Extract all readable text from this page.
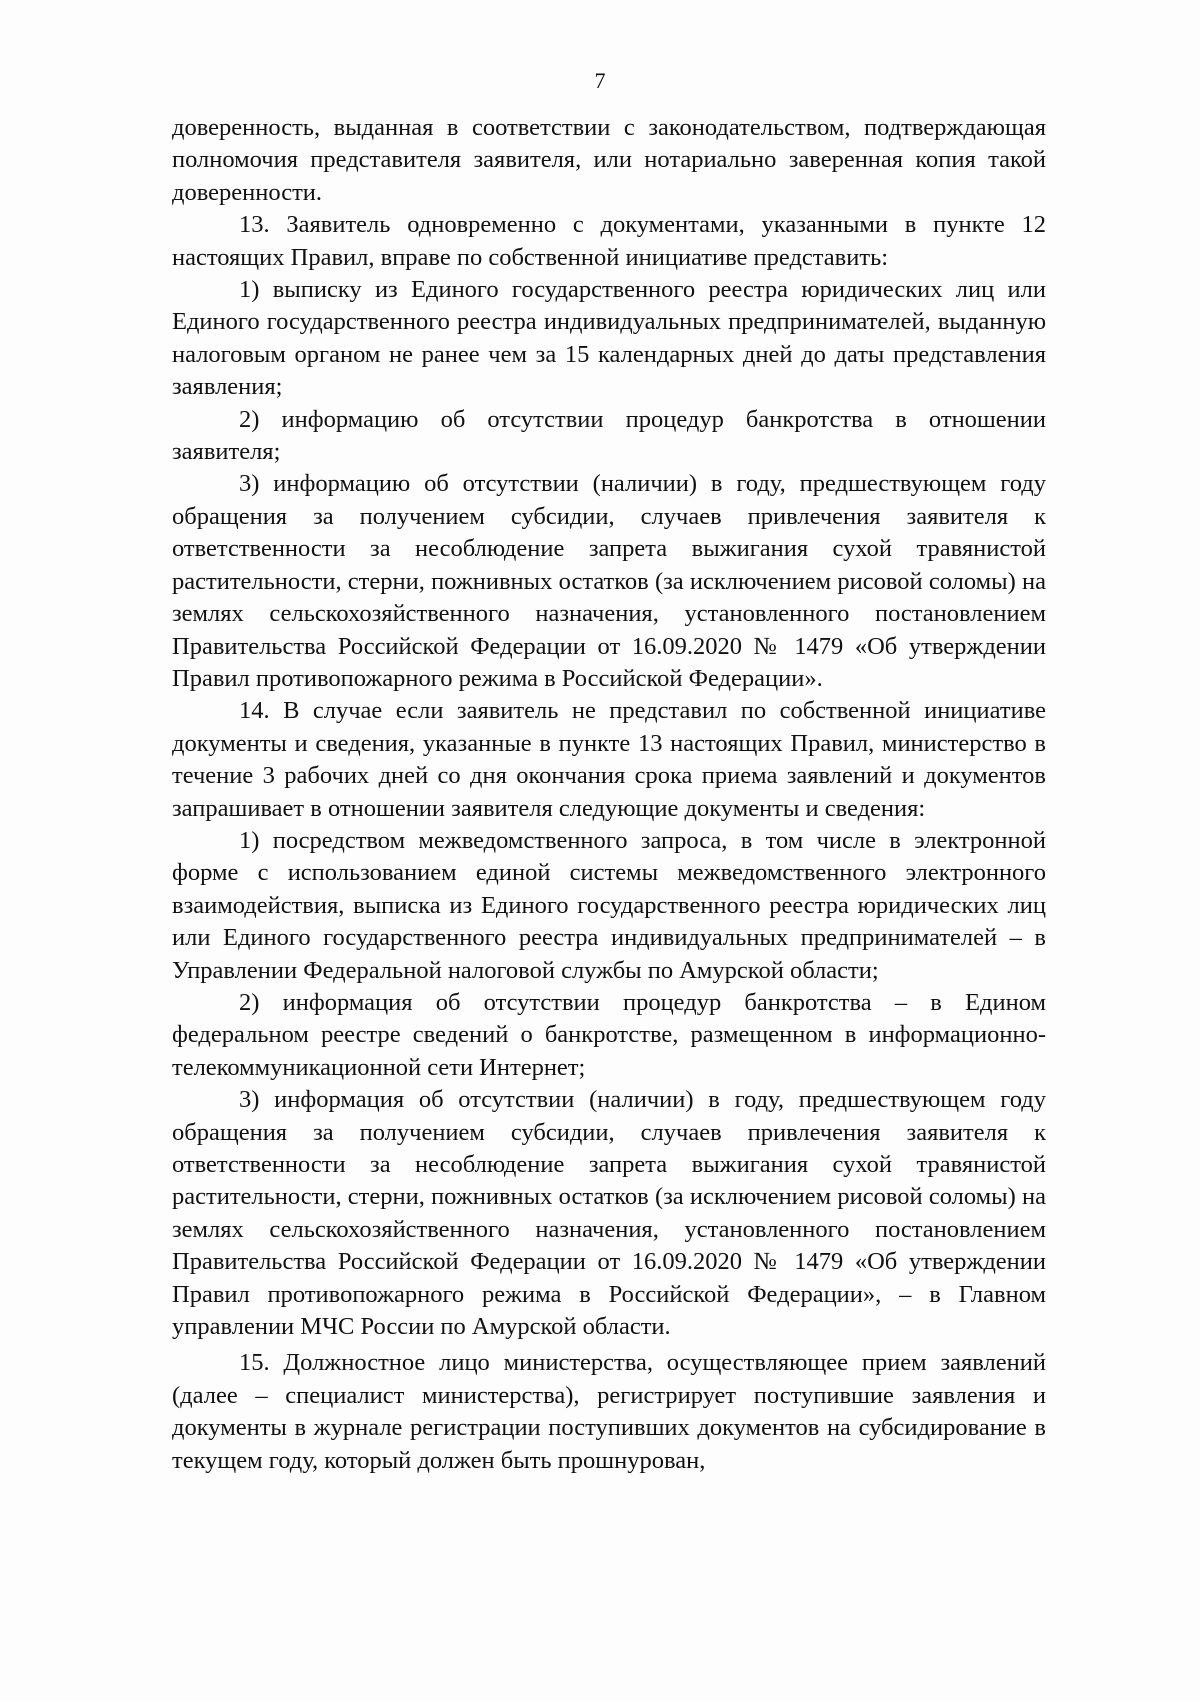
7

доверенность, выданная в соответствии с законодательством, подтверждающая полномочия представителя заявителя, или нотариально заверенная копия такой доверенности.

13. Заявитель одновременно с документами, указанными в пункте 12 настоящих Правил, вправе по собственной инициативе представить:

1) выписку из Единого государственного реестра юридических лиц или Единого государственного реестра индивидуальных предпринимателей, выданную налоговым органом не ранее чем за 15 календарных дней до даты представления заявления;

2) информацию об отсутствии процедур банкротства в отношении заявителя;

3) информацию об отсутствии (наличии) в году, предшествующем году обращения за получением субсидии, случаев привлечения заявителя к ответственности за несоблюдение запрета выжигания сухой травянистой растительности, стерни, пожнивных остатков (за исключением рисовой соломы) на землях сельскохозяйственного назначения, установленного постановлением Правительства Российской Федерации от 16.09.2020 № 1479 «Об утверждении Правил противопожарного режима в Российской Федерации».

14. В случае если заявитель не представил по собственной инициативе документы и сведения, указанные в пункте 13 настоящих Правил, министерство в течение 3 рабочих дней со дня окончания срока приема заявлений и документов запрашивает в отношении заявителя следующие документы и сведения:

1) посредством межведомственного запроса, в том числе в электронной форме с использованием единой системы межведомственного электронного взаимодействия, выписка из Единого государственного реестра юридических лиц или Единого государственного реестра индивидуальных предпринимателей – в Управлении Федеральной налоговой службы по Амурской области;

2) информация об отсутствии процедур банкротства – в Едином федеральном реестре сведений о банкротстве, размещенном в информационно-телекоммуникационной сети Интернет;

3) информация об отсутствии (наличии) в году, предшествующем году обращения за получением субсидии, случаев привлечения заявителя к ответственности за несоблюдение запрета выжигания сухой травянистой растительности, стерни, пожнивных остатков (за исключением рисовой соломы) на землях сельскохозяйственного назначения, установленного постановлением Правительства Российской Федерации от 16.09.2020 № 1479 «Об утверждении Правил противопожарного режима в Российской Федерации», – в Главном управлении МЧС России по Амурской области.

15. Должностное лицо министерства, осуществляющее прием заявлений (далее – специалист министерства), регистрирует поступившие заявления и документы в журнале регистрации поступивших документов на субсидирование в текущем году, который должен быть прошнурован,
